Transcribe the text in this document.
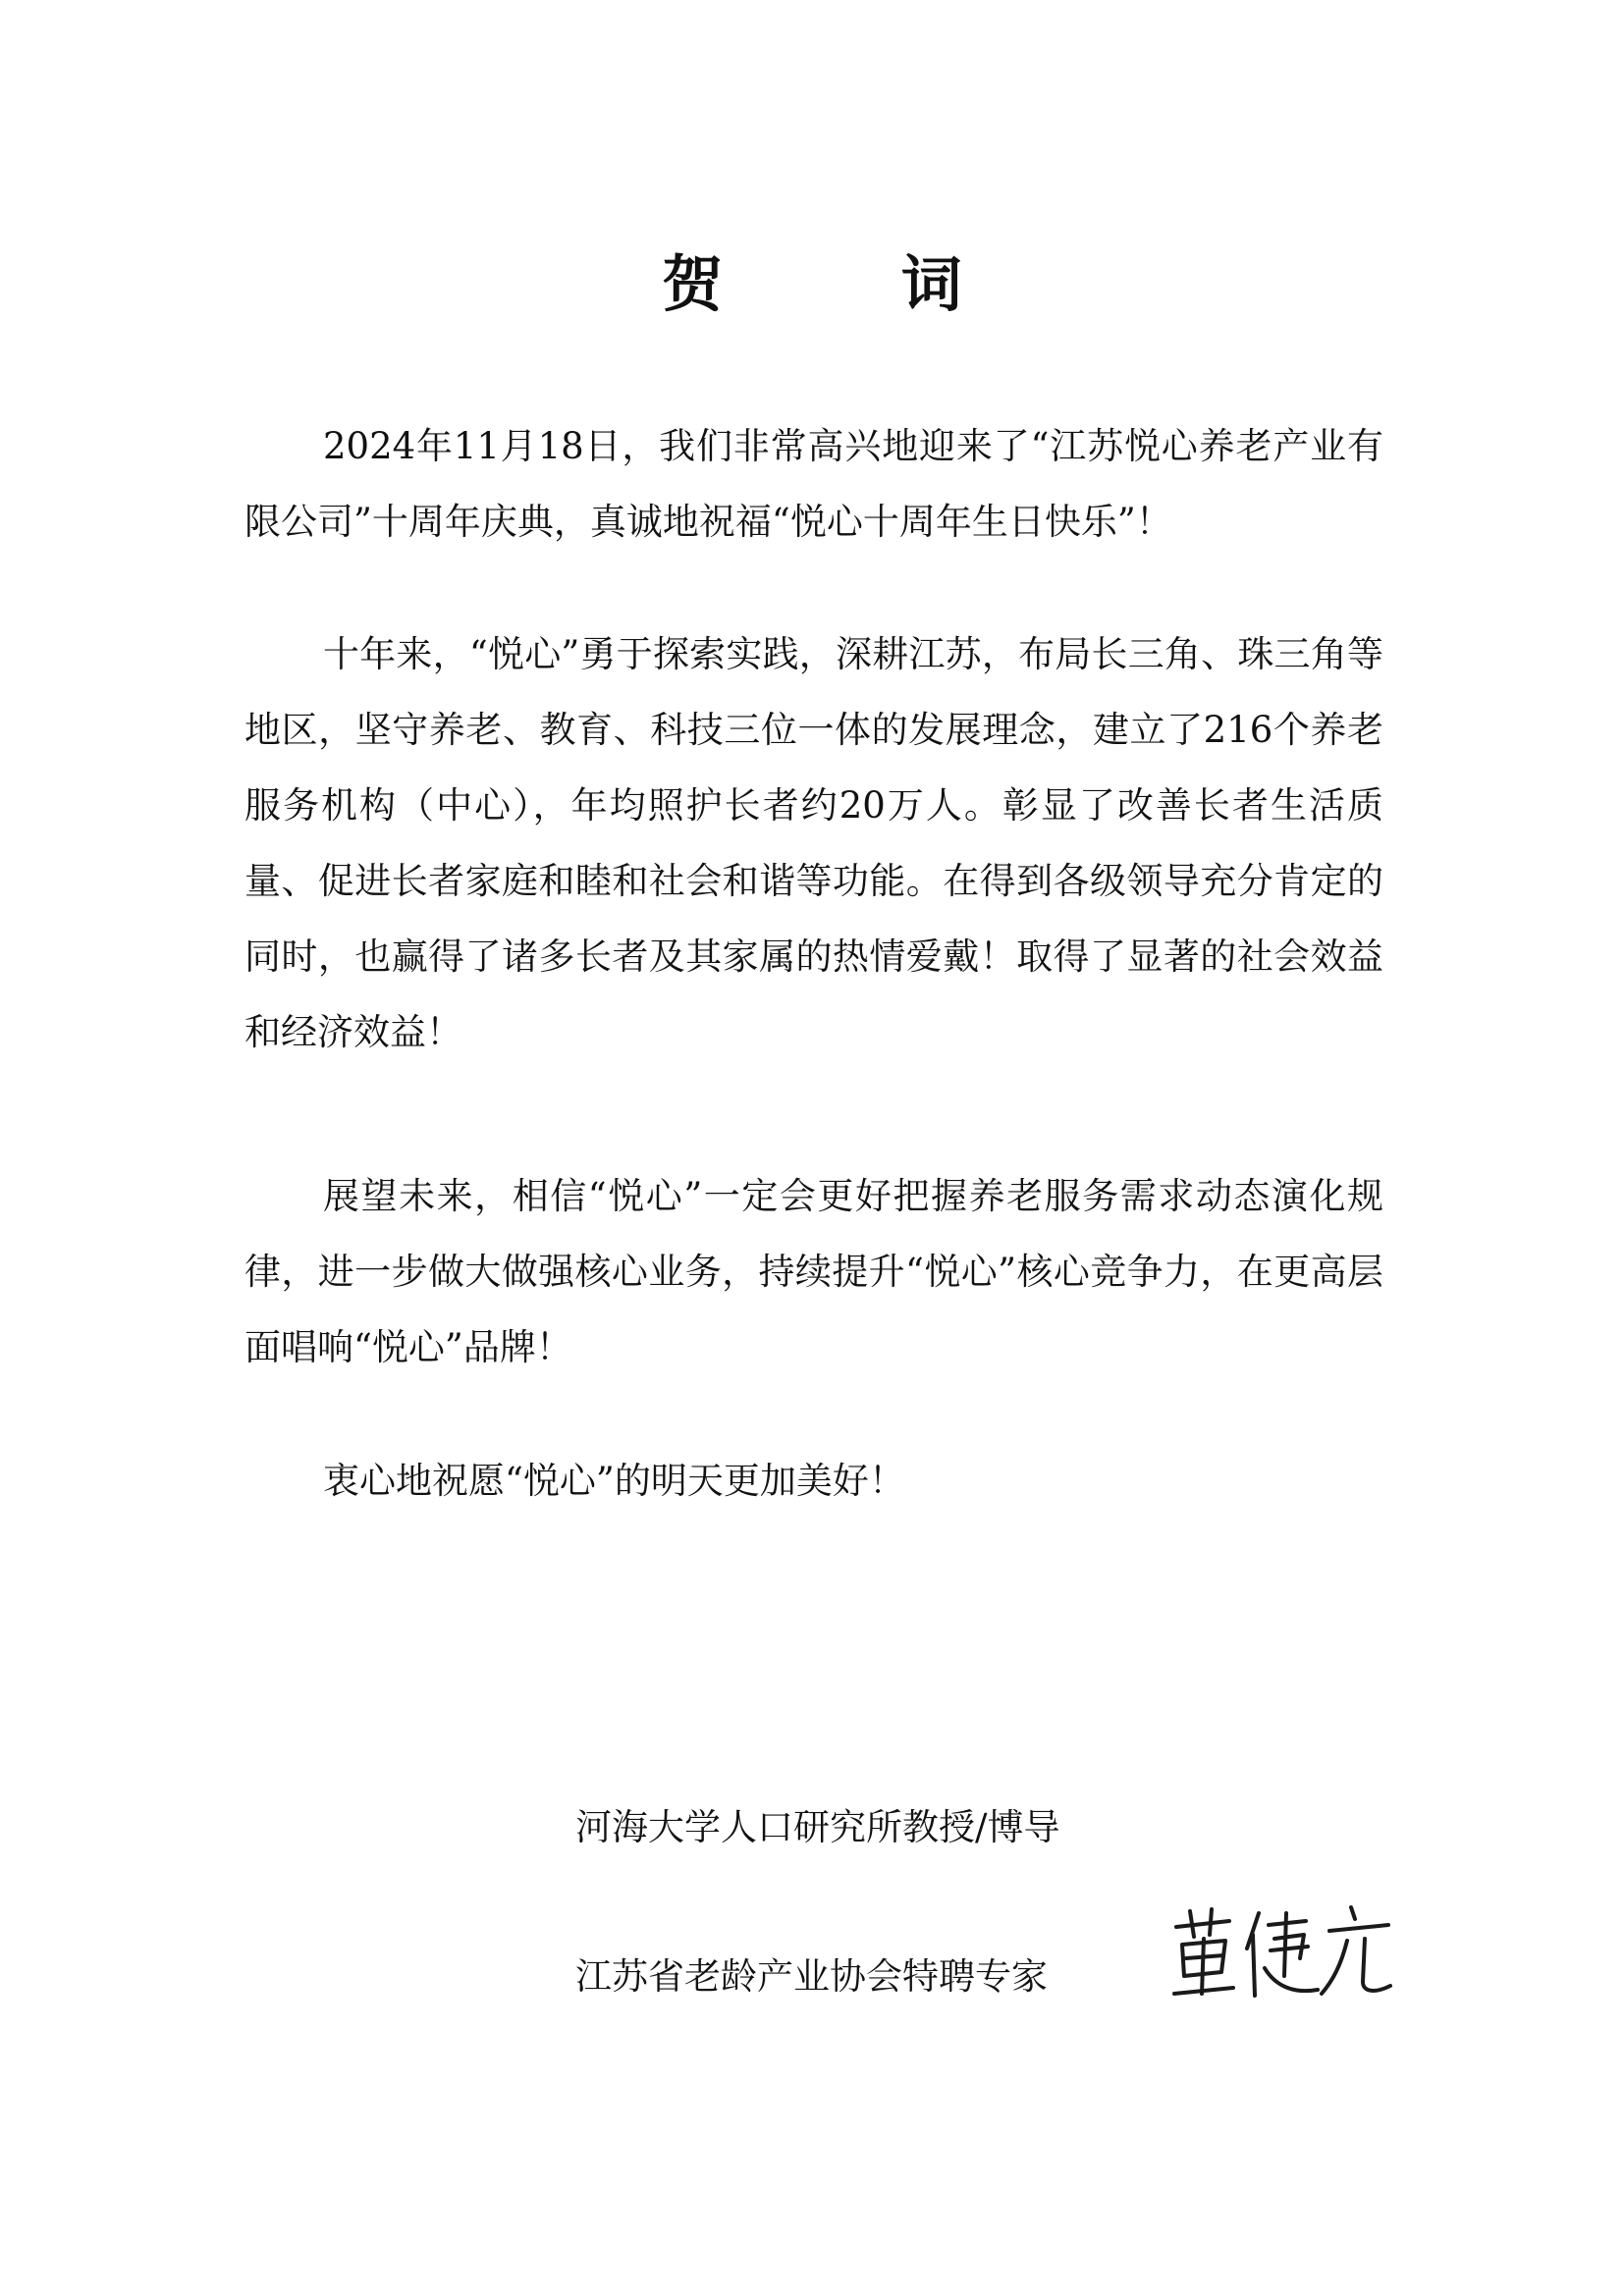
贺 词

2024年11月18日，我们非常高兴地迎来了“江苏悦心养老产业有限公司”十周年庆典，真诚地祝福“悦心十周年生日快乐”！

十年来，“悦心”勇于探索实践，深耕江苏，布局长三角、珠三角等地区，坚守养老、教育、科技三位一体的发展理念，建立了216个养老服务机构（中心），年均照护长者约20万人。彰显了改善长者生活质量、促进长者家庭和睦和社会和谐等功能。在得到各级领导充分肯定的同时，也赢得了诸多长者及其家属的热情爱戴！取得了显著的社会效益和经济效益！

展望未来，相信“悦心”一定会更好把握养老服务需求动态演化规律，进一步做大做强核心业务，持续提升“悦心”核心竞争力，在更高层面唱响“悦心”品牌！

衷心地祝愿“悦心”的明天更加美好！

河海大学人口研究所教授/博导
江苏省老龄产业协会特聘专家
